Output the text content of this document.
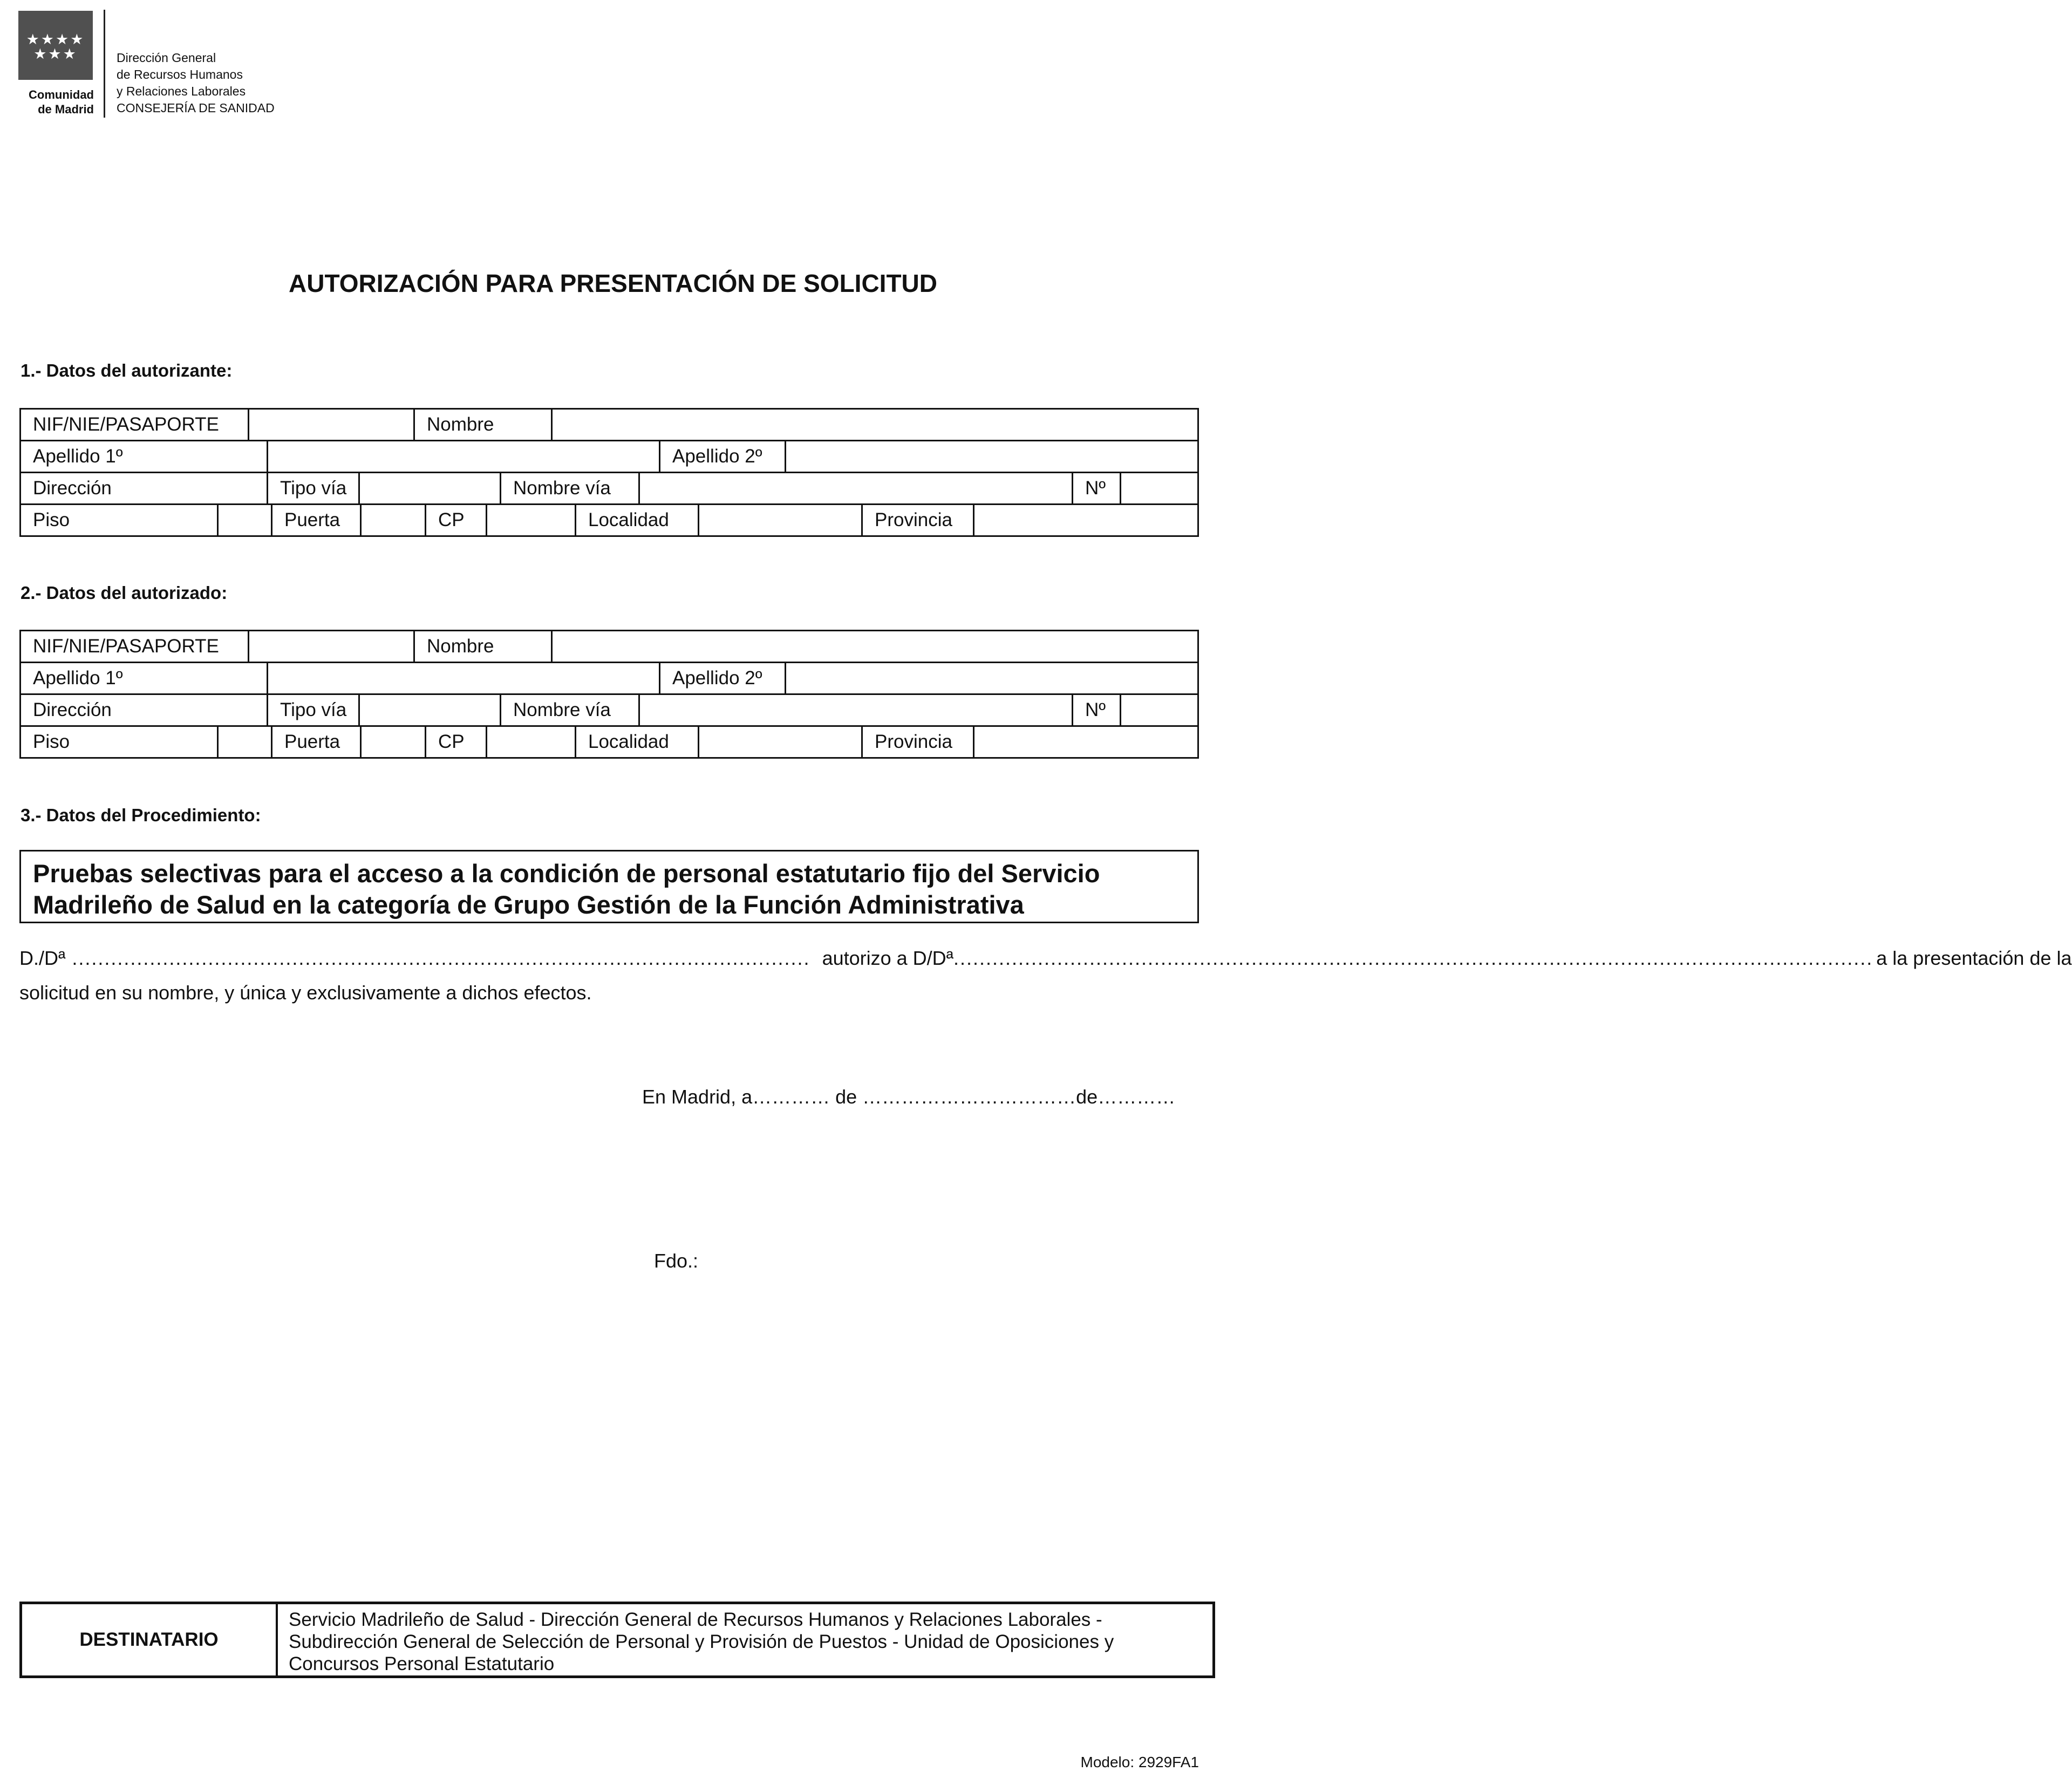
★★★★
★★★
Comunidad
de Madrid
Dirección General
de Recursos Humanos
y Relaciones Laborales
CONSEJERÍA DE SANIDAD
AUTORIZACIÓN PARA PRESENTACIÓN DE SOLICITUD
1.- Datos del autorizante:
NIF/NIE/PASAPORTE	Nombre
Apellido 1º	Apellido 2º
Dirección	Tipo vía	Nombre vía	Nº
Piso	Puerta	CP	Localidad	Provincia
2.- Datos del autorizado:
NIF/NIE/PASAPORTE	Nombre
Apellido 1º	Apellido 2º
Dirección	Tipo vía	Nombre vía	Nº
Piso	Puerta	CP	Localidad	Provincia
3.- Datos del Procedimiento:
Pruebas selectivas para el acceso a la condición de personal estatutario fijo del Servicio Madrileño de Salud en la categoría de Grupo Gestión de la Función Administrativa
D./Dª .................................................................................................................. autorizo a D/Dª .............................................................................................................................................. a la presentación de la
solicitud en su nombre, y única y exclusivamente a dichos efectos.
En Madrid, a………… de ……………………………de…………
Fdo.:
DESTINATARIO
Servicio Madrileño de Salud - Dirección General de Recursos Humanos y Relaciones Laborales - Subdirección General de Selección de Personal y Provisión de Puestos - Unidad de Oposiciones y Concursos Personal Estatutario
Modelo: 2929FA1
